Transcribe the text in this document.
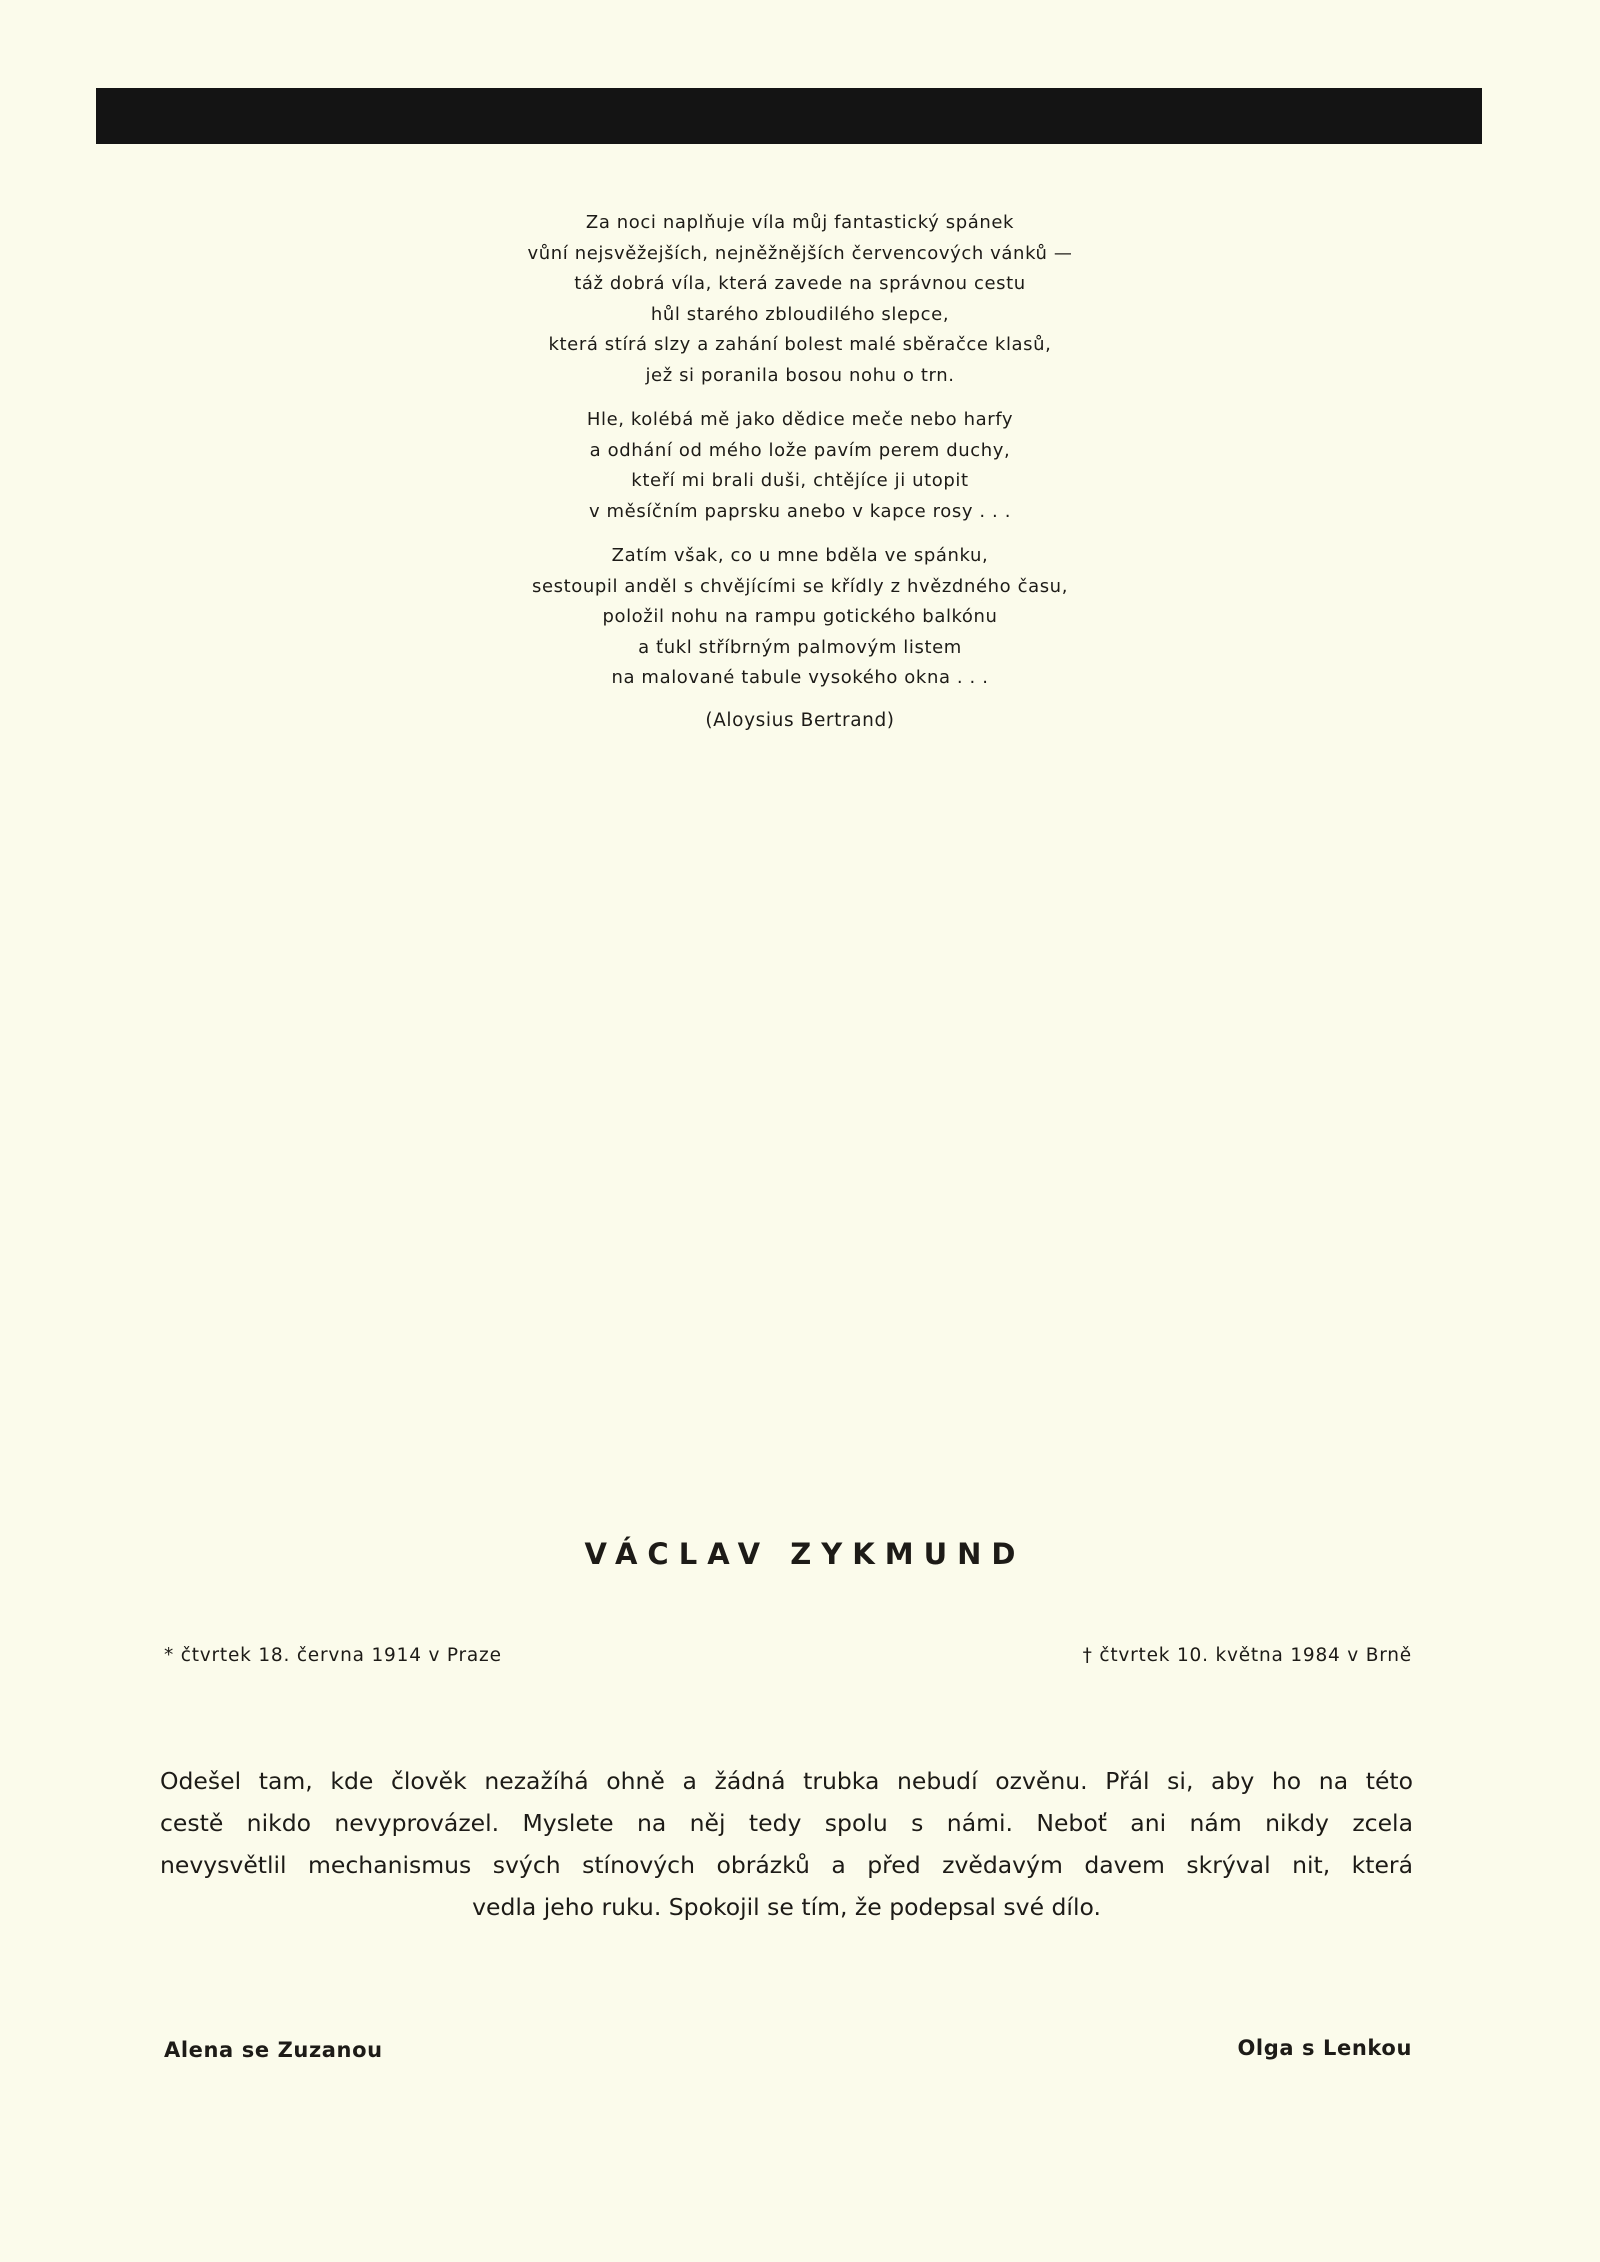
Za noci naplňuje víla můj fantastický spánek
vůní nejsvěžejších, nejněžnějších červencových vánků —
táž dobrá víla, která zavede na správnou cestu
hůl starého zbloudilého slepce,
která stírá slzy a zahání bolest malé sběračce klasů,
jež si poranila bosou nohu o trn.
Hle, kolébá mě jako dědice meče nebo harfy
a odhání od mého lože pavím perem duchy,
kteří mi brali duši, chtějíce ji utopit
v měsíčním paprsku anebo v kapce rosy . . .
Zatím však, co u mne bděla ve spánku,
sestoupil anděl s chvějícími se křídly z hvězdného času,
položil nohu na rampu gotického balkónu
a ťukl stříbrným palmovým listem
na malované tabule vysokého okna . . .
(Aloysius Bertrand)
VÁCLAV ZYKMUND
* čtvrtek 18. června 1914 v Praze	† čtvrtek 10. května 1984 v Brně
Odešel tam, kde člověk nezažíhá ohně a žádná trubka nebudí ozvěnu. Přál si, aby ho na této
cestě nikdo nevyprovázel. Myslete na něj tedy spolu s námi. Neboť ani nám nikdy zcela
nevysvětlil mechanismus svých stínových obrázků a před zvědavým davem skrýval nit, která
vedla jeho ruku. Spokojil se tím, že podepsal své dílo.
Alena se Zuzanou	Olga s Lenkou
